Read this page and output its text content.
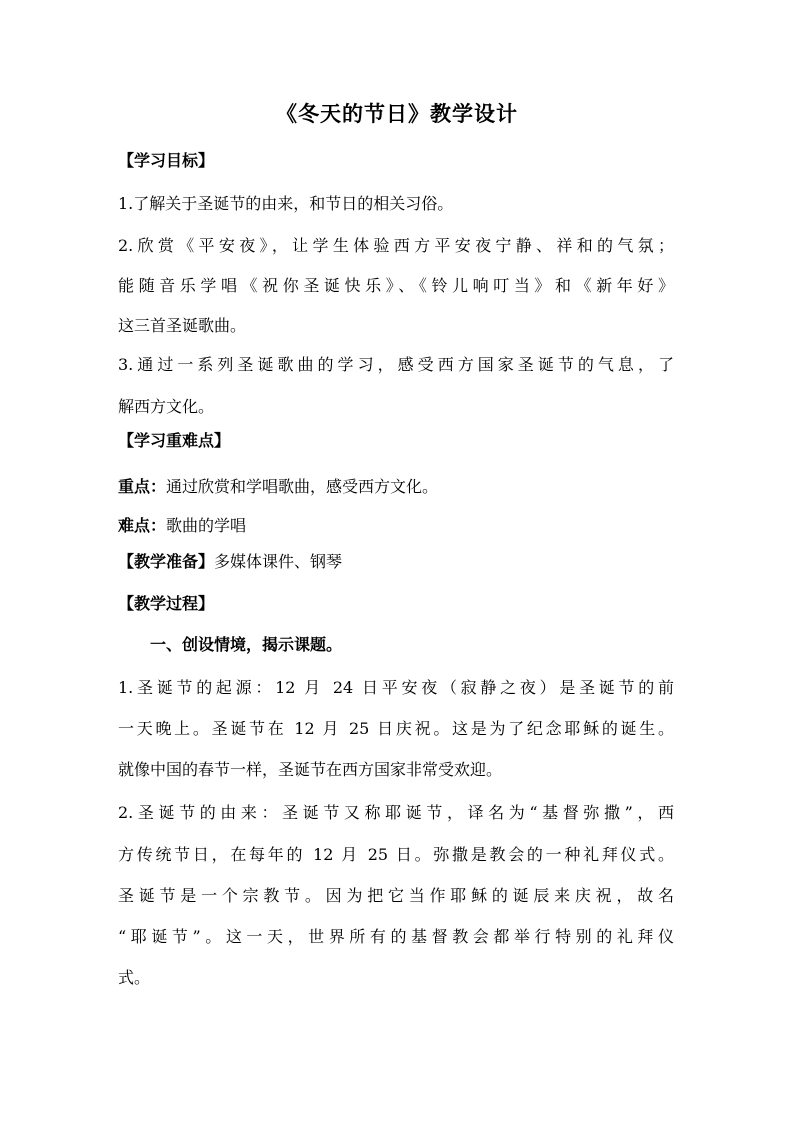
《冬天的节日》教学设计
【学习目标】
1.了解关于圣诞节的由来，和节日的相关习俗。
2.欣赏《平安夜》，让学生体验西方平安夜宁静、祥和的气氛；
能随音乐学唱《祝你圣诞快乐》、《铃儿响叮当》和《新年好》
这三首圣诞歌曲。
3.通过一系列圣诞歌曲的学习，感受西方国家圣诞节的气息，了
解西方文化。
【学习重难点】
重点：通过欣赏和学唱歌曲，感受西方文化。
难点：歌曲的学唱
【教学准备】多媒体课件、钢琴
【教学过程】
一、创设情境，揭示课题。
1.圣诞节的起源：12 月 24 日平安夜（寂静之夜）是圣诞节的前
一天晚上。圣诞节在 12 月 25 日庆祝。这是为了纪念耶稣的诞生。
就像中国的春节一样，圣诞节在西方国家非常受欢迎。
2.圣诞节的由来：圣诞节又称耶诞节，译名为“基督弥撒”，西
方传统节日，在每年的 12 月 25 日。弥撒是教会的一种礼拜仪式。
圣诞节是一个宗教节。因为把它当作耶稣的诞辰来庆祝，故名
“耶诞节”。这一天，世界所有的基督教会都举行特别的礼拜仪
式。
